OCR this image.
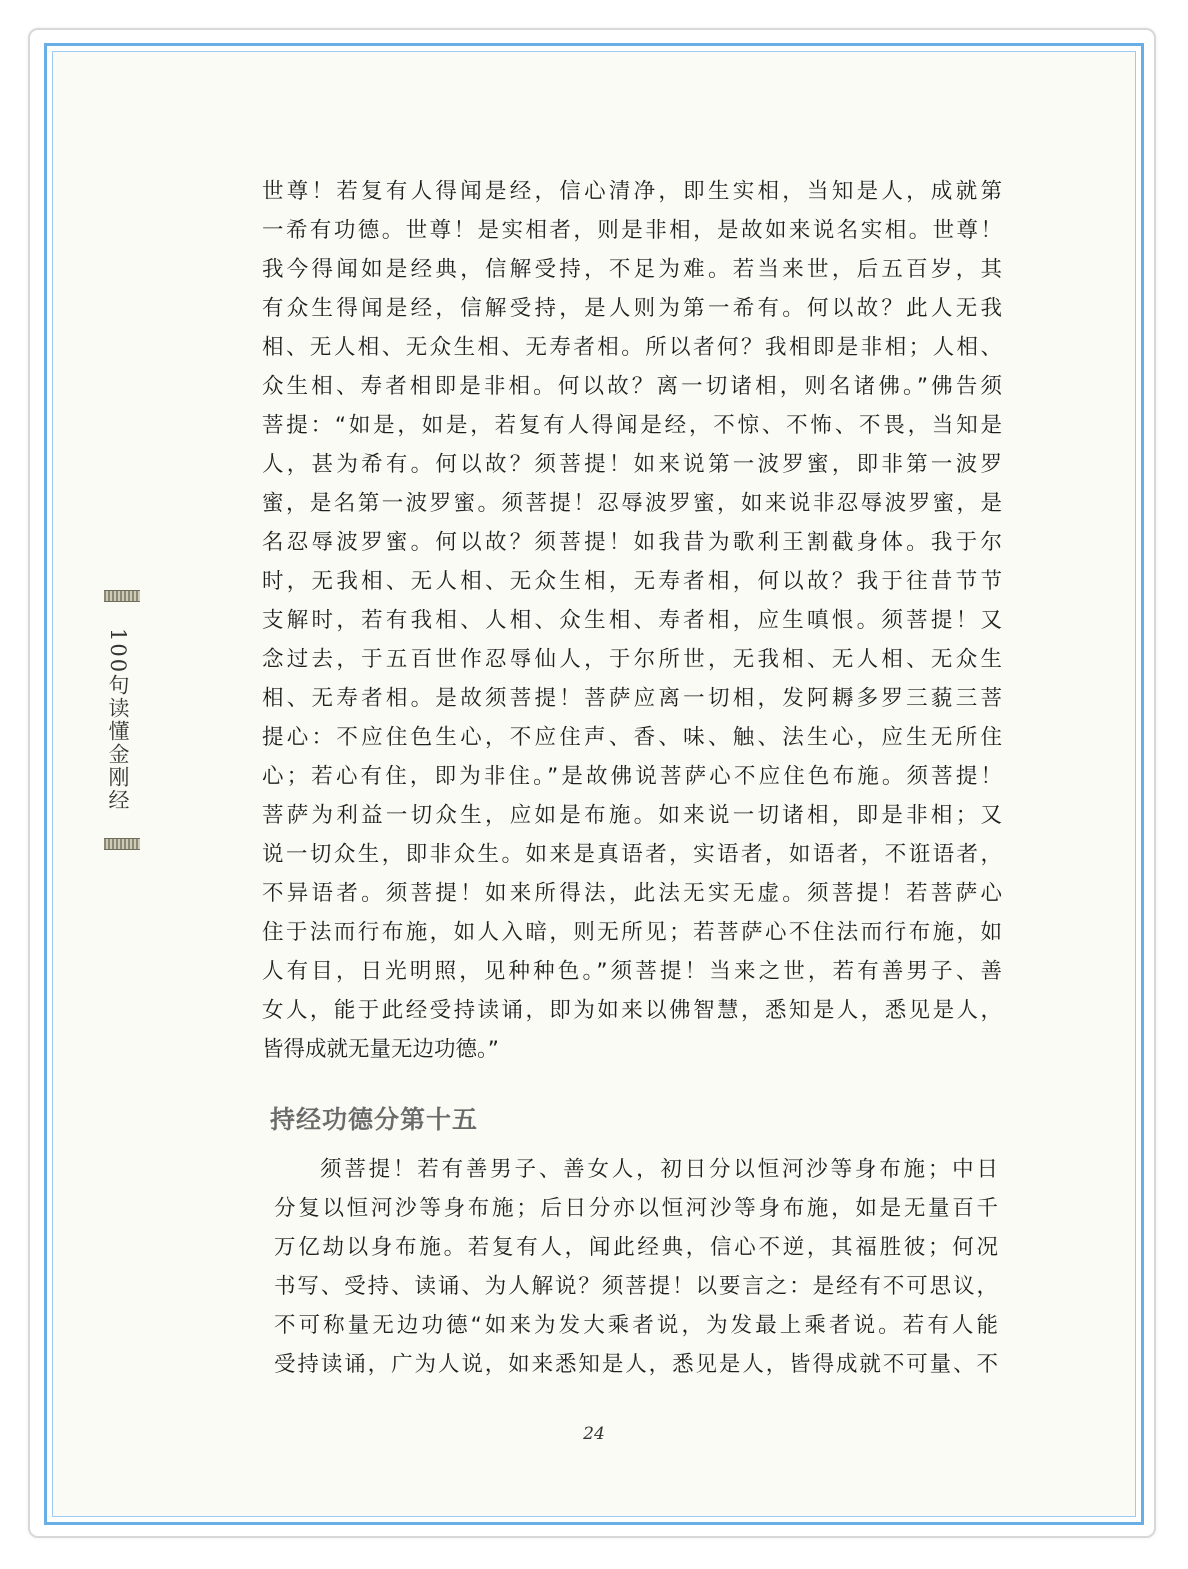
100句读懂金刚经
世尊！若复有人得闻是经，信心清净，即生实相，当知是人，成就第
一希有功德。世尊！是实相者，则是非相，是故如来说名实相。世尊！
我今得闻如是经典，信解受持，不足为难。若当来世，后五百岁，其
有众生得闻是经，信解受持，是人则为第一希有。何以故？此人无我
相、无人相、无众生相、无寿者相。所以者何？我相即是非相；人相、
众生相、寿者相即是非相。何以故？离一切诸相，则名诸佛。”佛告须
菩提：“如是，如是，若复有人得闻是经，不惊、不怖、不畏，当知是
人，甚为希有。何以故？须菩提！如来说第一波罗蜜，即非第一波罗
蜜，是名第一波罗蜜。须菩提！忍辱波罗蜜，如来说非忍辱波罗蜜，是
名忍辱波罗蜜。何以故？须菩提！如我昔为歌利王割截身体。我于尔
时，无我相、无人相、无众生相，无寿者相，何以故？我于往昔节节
支解时，若有我相、人相、众生相、寿者相，应生嗔恨。须菩提！又
念过去，于五百世作忍辱仙人，于尔所世，无我相、无人相、无众生
相、无寿者相。是故须菩提！菩萨应离一切相，发阿耨多罗三藐三菩
提心：不应住色生心，不应住声、香、味、触、法生心，应生无所住
心；若心有住，即为非住。”是故佛说菩萨心不应住色布施。须菩提！
菩萨为利益一切众生，应如是布施。如来说一切诸相，即是非相；又
说一切众生，即非众生。如来是真语者，实语者，如语者，不诳语者，
不异语者。须菩提！如来所得法，此法无实无虚。须菩提！若菩萨心
住于法而行布施，如人入暗，则无所见；若菩萨心不住法而行布施，如
人有目，日光明照，见种种色。”须菩提！当来之世，若有善男子、善
女人，能于此经受持读诵，即为如来以佛智慧，悉知是人，悉见是人，
皆得成就无量无边功德。”
持经功德分第十五
须菩提！若有善男子、善女人，初日分以恒河沙等身布施；中日
分复以恒河沙等身布施；后日分亦以恒河沙等身布施，如是无量百千
万亿劫以身布施。若复有人，闻此经典，信心不逆，其福胜彼；何况
书写、受持、读诵、为人解说？须菩提！以要言之：是经有不可思议，
不可称量无边功德“如来为发大乘者说，为发最上乘者说。若有人能
受持读诵，广为人说，如来悉知是人，悉见是人，皆得成就不可量、不
24
